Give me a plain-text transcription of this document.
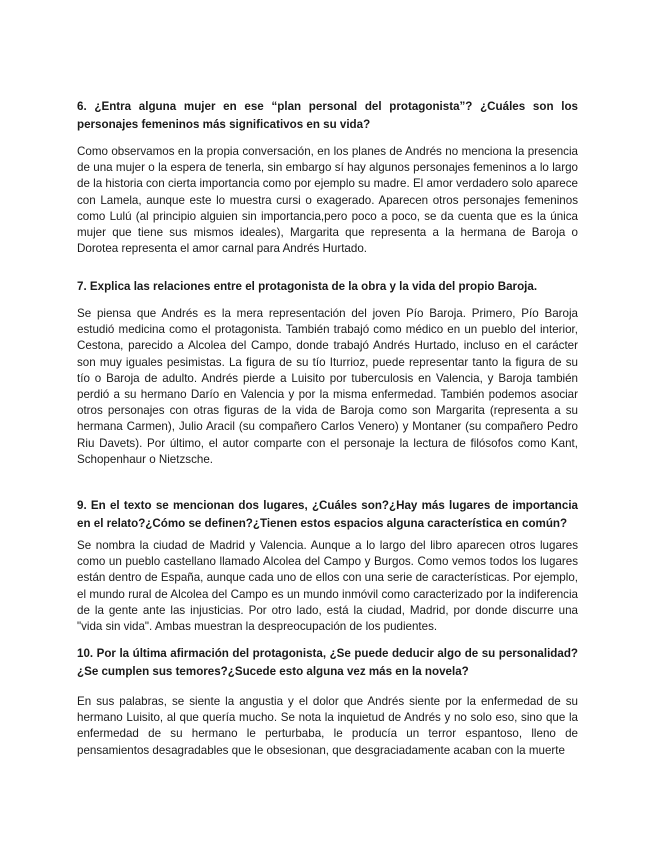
6. ¿Entra alguna mujer en ese “plan personal del protagonista”? ¿Cuáles son los personajes femeninos más significativos en su vida?

Como observamos en la propia conversación, en los planes de Andrés no menciona la presencia de una mujer o la espera de tenerla, sin embargo sí hay algunos personajes femeninos a lo largo de la historia con cierta importancia como por ejemplo su madre. El amor verdadero solo aparece con Lamela, aunque este lo muestra cursi o exagerado. Aparecen otros personajes femeninos como Lulú (al principio alguien sin importancia,pero poco a poco, se da cuenta que es la única mujer que tiene sus mismos ideales), Margarita que representa a la hermana de Baroja o Dorotea representa el amor carnal para Andrés Hurtado.

7. Explica las relaciones entre el protagonista de la obra y la vida del propio Baroja.

Se piensa que Andrés es la mera representación del joven Pío Baroja. Primero, Pío Baroja estudió medicina como el protagonista. También trabajó como médico en un pueblo del interior, Cestona, parecido a Alcolea del Campo, donde trabajó Andrés Hurtado, incluso en el carácter son muy iguales pesimistas. La figura de su tío Iturrioz, puede representar tanto la figura de su tío o Baroja de adulto. Andrés pierde a Luisito por tuberculosis en Valencia, y Baroja también perdió a su hermano Darío en Valencia y por la misma enfermedad. También podemos asociar otros personajes con otras figuras de la vida de Baroja como son Margarita (representa a su hermana Carmen), Julio Aracil (su compañero Carlos Venero) y Montaner (su compañero Pedro Riu Davets). Por último, el autor comparte con el personaje la lectura de filósofos como Kant, Schopenhaur o Nietzsche.

9. En el texto se mencionan dos lugares, ¿Cuáles son?¿Hay más lugares de importancia en el relato?¿Cómo se definen?¿Tienen estos espacios alguna característica en común?

Se nombra la ciudad de Madrid y Valencia. Aunque a lo largo del libro aparecen otros lugares como un pueblo castellano llamado Alcolea del Campo y Burgos. Como vemos todos los lugares están dentro de España, aunque cada uno de ellos con una serie de características. Por ejemplo, el mundo rural de Alcolea del Campo es un mundo inmóvil como caracterizado por la indiferencia de la gente ante las injusticias. Por otro lado, está la ciudad, Madrid, por donde discurre una "vida sin vida". Ambas muestran la despreocupación de los pudientes.

10. Por la última afirmación del protagonista, ¿Se puede deducir algo de su personalidad?¿Se cumplen sus temores?¿Sucede esto alguna vez más en la novela?

En sus palabras, se siente la angustia y el dolor que Andrés siente por la enfermedad de su hermano Luisito, al que quería mucho. Se nota la inquietud de Andrés y no solo eso, sino que la enfermedad de su hermano le perturbaba, le producía un terror espantoso, lleno de pensamientos desagradables que le obsesionan, que desgraciadamente acaban con la muerte
